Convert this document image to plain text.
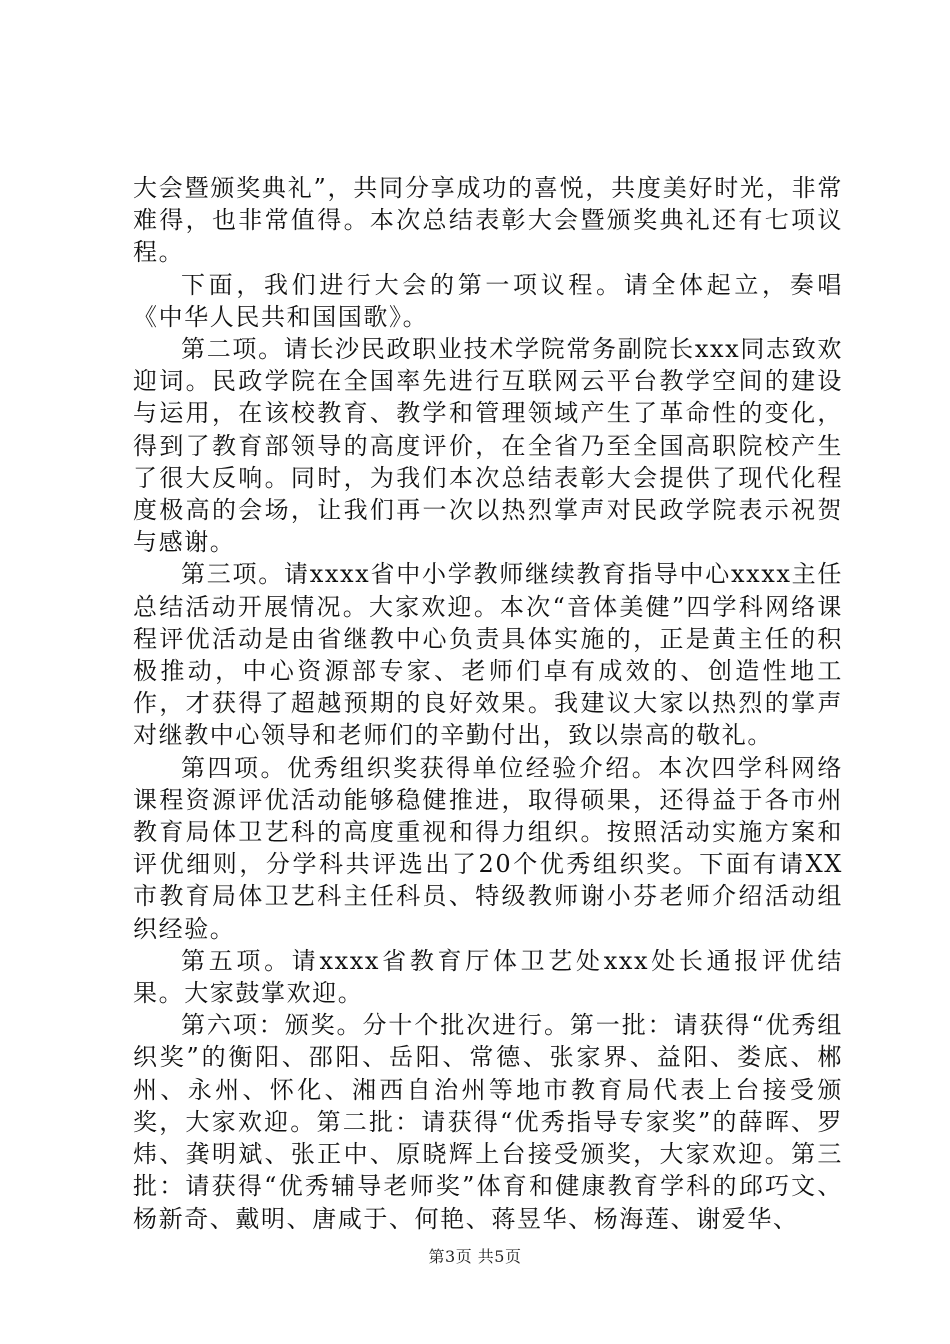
大会暨颁奖典礼”，共同分享成功的喜悦，共度美好时光，非常难得，也非常值得。本次总结表彰大会暨颁奖典礼还有七项议程。

下面，我们进行大会的第一项议程。请全体起立，奏唱《中华人民共和国国歌》。

第二项。请长沙民政职业技术学院常务副院长xxx同志致欢迎词。民政学院在全国率先进行互联网云平台教学空间的建设与运用，在该校教育、教学和管理领域产生了革命性的变化，得到了教育部领导的高度评价，在全省乃至全国高职院校产生了很大反响。同时，为我们本次总结表彰大会提供了现代化程度极高的会场，让我们再一次以热烈掌声对民政学院表示祝贺与感谢。

第三项。请xxxx省中小学教师继续教育指导中心xxxx主任总结活动开展情况。大家欢迎。本次“音体美健”四学科网络课程评优活动是由省继教中心负责具体实施的，正是黄主任的积极推动，中心资源部专家、老师们卓有成效的、创造性地工作，才获得了超越预期的良好效果。我建议大家以热烈的掌声对继教中心领导和老师们的辛勤付出，致以崇高的敬礼。

第四项。优秀组织奖获得单位经验介绍。本次四学科网络课程资源评优活动能够稳健推进，取得硕果，还得益于各市州教育局体卫艺科的高度重视和得力组织。按照活动实施方案和评优细则，分学科共评选出了20个优秀组织奖。下面有请XX市教育局体卫艺科主任科员、特级教师谢小芬老师介绍活动组织经验。

第五项。请xxxx省教育厅体卫艺处xxx处长通报评优结果。大家鼓掌欢迎。

第六项：颁奖。分十个批次进行。第一批：请获得“优秀组织奖”的衡阳、邵阳、岳阳、常德、张家界、益阳、娄底、郴州、永州、怀化、湘西自治州等地市教育局代表上台接受颁奖，大家欢迎。第二批：请获得“优秀指导专家奖”的薛晖、罗炜、龚明斌、张正中、原晓辉上台接受颁奖，大家欢迎。第三批：请获得“优秀辅导老师奖”体育和健康教育学科的邱巧文、杨新奇、戴明、唐咸于、何艳、蒋昱华、杨海莲、谢爱华、

第3页 共5页
